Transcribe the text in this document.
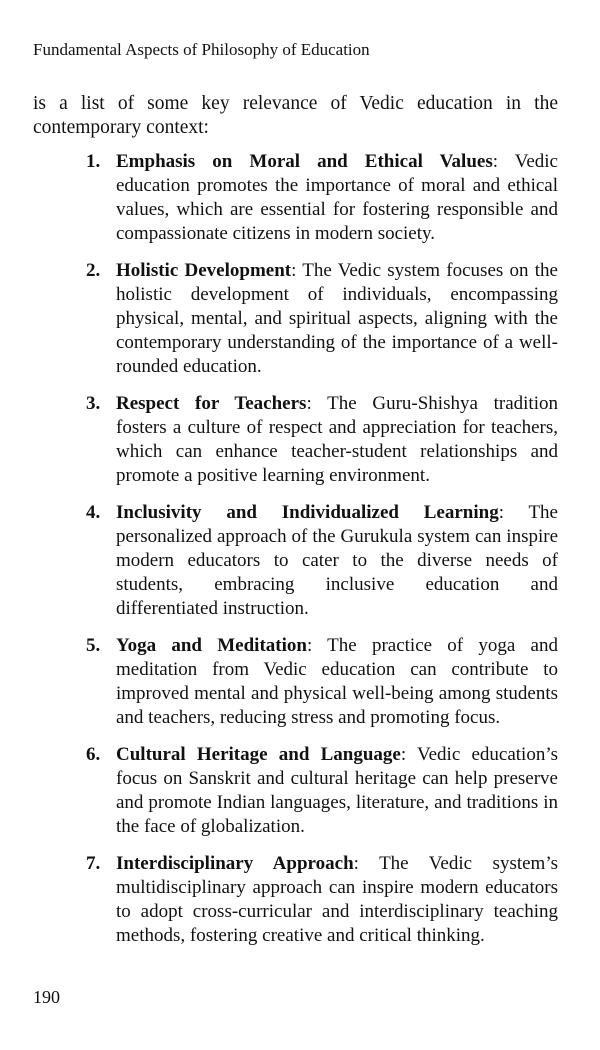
Fundamental Aspects of Philosophy of Education

is a list of some key relevance of Vedic education in the contemporary context:

1. Emphasis on Moral and Ethical Values: Vedic education promotes the importance of moral and ethical values, which are essential for fostering responsible and compassionate citizens in modern society.
2. Holistic Development: The Vedic system focuses on the holistic development of individuals, encompassing physical, mental, and spiritual aspects, aligning with the contemporary understanding of the importance of a well-rounded education.
3. Respect for Teachers: The Guru-Shishya tradition fosters a culture of respect and appreciation for teachers, which can enhance teacher-student relationships and promote a positive learning environment.
4. Inclusivity and Individualized Learning: The personalized approach of the Gurukula system can inspire modern educators to cater to the diverse needs of students, embracing inclusive education and differentiated instruction.
5. Yoga and Meditation: The practice of yoga and meditation from Vedic education can contribute to improved mental and physical well-being among students and teachers, reducing stress and promoting focus.
6. Cultural Heritage and Language: Vedic education’s focus on Sanskrit and cultural heritage can help preserve and promote Indian languages, literature, and traditions in the face of globalization.
7. Interdisciplinary Approach: The Vedic system’s multidisciplinary approach can inspire modern educators to adopt cross-curricular and interdisciplinary teaching methods, fostering creative and critical thinking.
190
